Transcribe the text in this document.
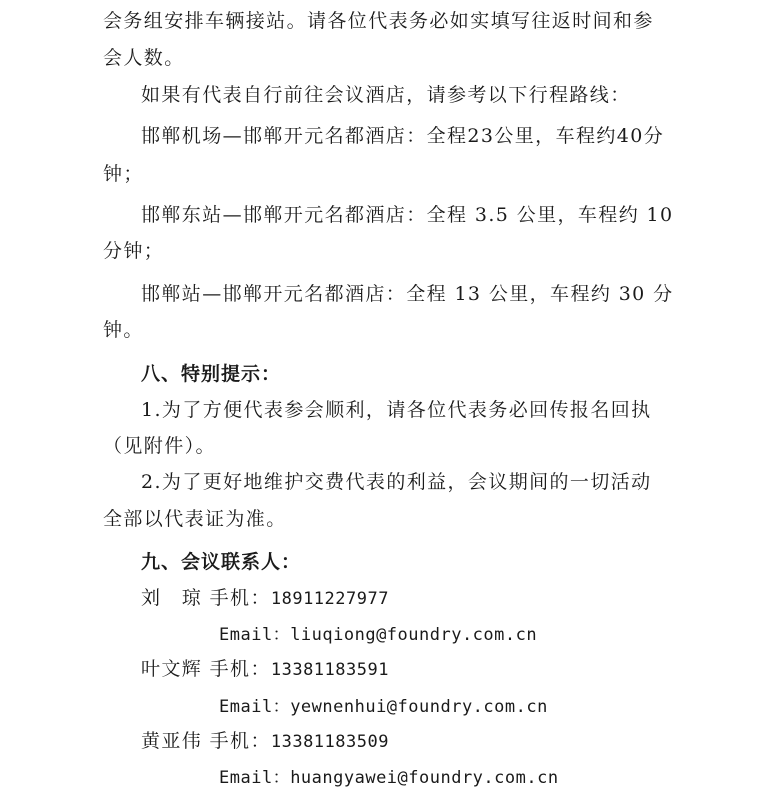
会务组安排车辆接站。请各位代表务必如实填写往返时间和参
会人数。
如果有代表自行前往会议酒店，请参考以下行程路线：
邯郸机场—邯郸开元名都酒店：全程23公里，车程约40分
钟；
邯郸东站—邯郸开元名都酒店：全程 3.5 公里，车程约 10
分钟；
邯郸站—邯郸开元名都酒店：全程 13 公里，车程约 30 分
钟。
八、特别提示：
1.为了方便代表参会顺利，请各位代表务必回传报名回执
（见附件）。
2.为了更好地维护交费代表的利益，会议期间的一切活动
全部以代表证为准。
九、会议联系人：
刘　琼 手机：18911227977
Email：liuqiong@foundry.com.cn
叶文辉 手机：13381183591
Email：yewnenhui@foundry.com.cn
黄亚伟 手机：13381183509
Email：huangyawei@foundry.com.cn
